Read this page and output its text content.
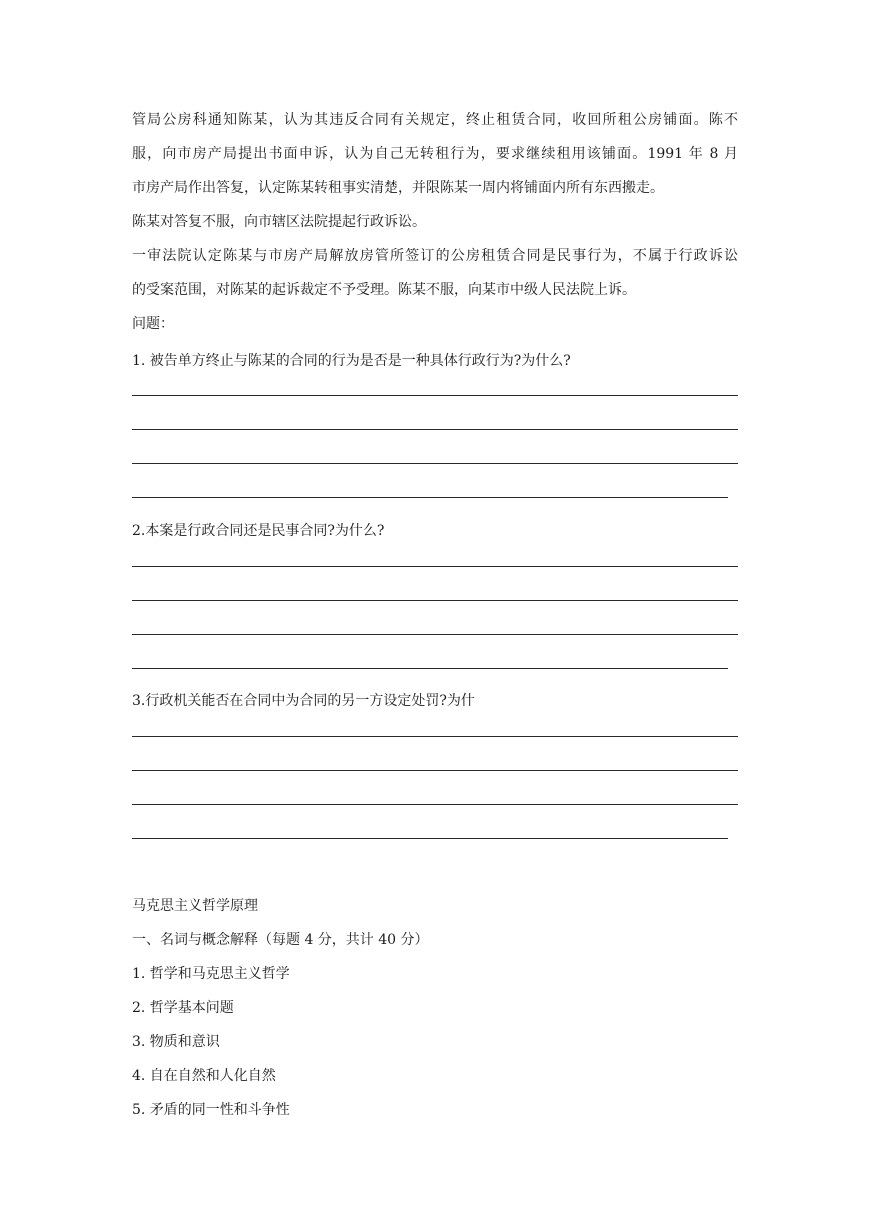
管局公房科通知陈某，认为其违反合同有关规定，终止租赁合同，收回所租公房铺面。陈不
服，向市房产局提出书面申诉，认为自己无转租行为，要求继续租用该铺面。1991 年 8 月
市房产局作出答复，认定陈某转租事实清楚，并限陈某一周内将铺面内所有东西搬走。
陈某对答复不服，向市辖区法院提起行政诉讼。
一审法院认定陈某与市房产局解放房管所签订的公房租赁合同是民事行为，不属于行政诉讼
的受案范围，对陈某的起诉裁定不予受理。陈某不服，向某市中级人民法院上诉。
问题：
1. 被告单方终止与陈某的合同的行为是否是一种具体行政行为?为什么?
2.本案是行政合同还是民事合同?为什么?
3.行政机关能否在合同中为合同的另一方设定处罚?为什
马克思主义哲学原理
一、名词与概念解释（每题 4 分，共计 40 分）
1. 哲学和马克思主义哲学
2. 哲学基本问题
3. 物质和意识
4. 自在自然和人化自然
5. 矛盾的同一性和斗争性
